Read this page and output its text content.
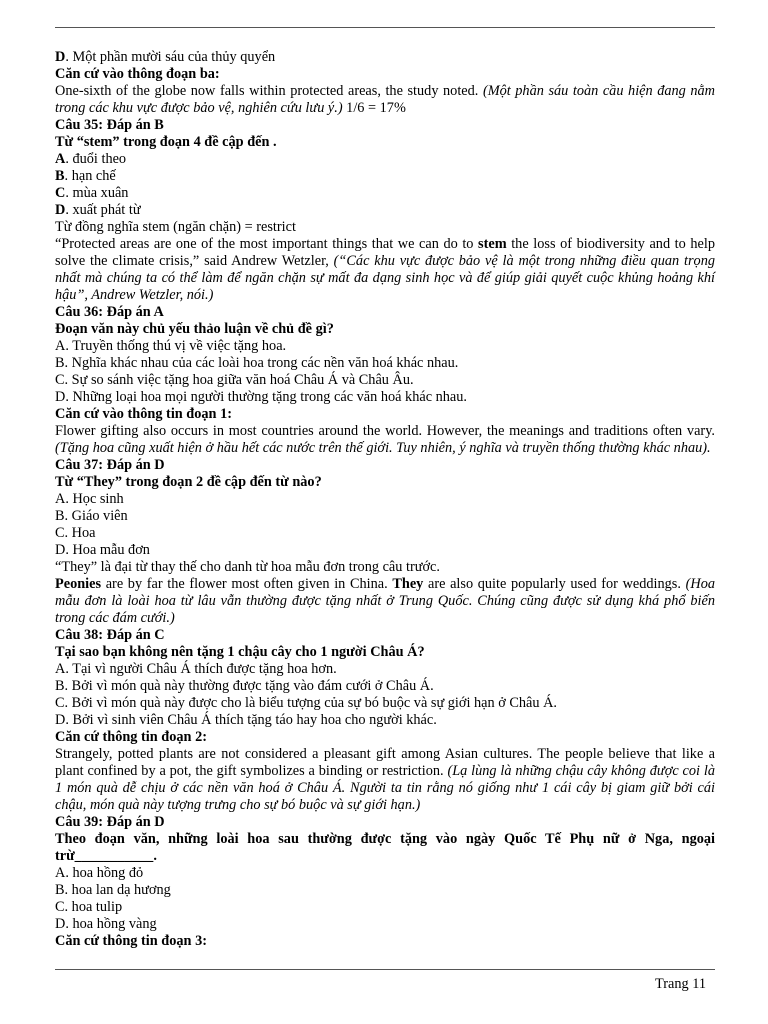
D. Một phần mười sáu của thủy quyển

Căn cứ vào thông đoạn ba:

One-sixth of the globe now falls within protected areas, the study noted. (Một phần sáu toàn cầu hiện đang nằm trong các khu vực được bảo vệ, nghiên cứu lưu ý.) 1/6 = 17%

Câu 35: Đáp án B

Từ “stem” trong đoạn 4 đề cập đến .

A. đuổi theo

B. hạn chế

C. mùa xuân

D. xuất phát từ

Từ đồng nghĩa stem (ngăn chặn) = restrict

“Protected areas are one of the most important things that we can do to stem the loss of biodiversity and to help solve the climate crisis,” said Andrew Wetzler, (“Các khu vực được bảo vệ là một trong những điều quan trọng nhất mà chúng ta có thể làm để ngăn chặn sự mất đa dạng sinh học và để giúp giải quyết cuộc khủng hoảng khí hậu”, Andrew Wetzler, nói.)

Câu 36: Đáp án A

Đoạn văn này chủ yếu thảo luận về chủ đề gì?

A. Truyền thống thú vị về việc tặng hoa.

B. Nghĩa khác nhau của các loài hoa trong các nền văn hoá khác nhau.

C. Sự so sánh việc tặng hoa giữa văn hoá Châu Á và Châu Âu.

D. Những loại hoa mọi người thường tặng trong các văn hoá khác nhau.

Căn cứ vào thông tin đoạn 1:

Flower gifting also occurs in most countries around the world. However, the meanings and traditions often vary. (Tặng hoa cũng xuất hiện ở hầu hết các nước trên thế giới. Tuy nhiên, ý nghĩa và truyền thống thường khác nhau).

Câu 37: Đáp án D

Từ “They” trong đoạn 2 đề cập đến từ nào?

A. Học sinh

B. Giáo viên

C. Hoa

D. Hoa mẫu đơn

“They” là đại từ thay thế cho danh từ hoa mẫu đơn trong câu trước.

Peonies are by far the flower most often given in China. They are also quite popularly used for weddings. (Hoa mẫu đơn là loài hoa từ lâu vẫn thường được tặng nhất ở Trung Quốc. Chúng cũng được sử dụng khá phổ biến trong các đám cưới.)

Câu 38: Đáp án C

Tại sao bạn không nên tặng 1 chậu cây cho 1 người Châu Á?

A. Tại vì người Châu Á thích được tặng hoa hơn.

B. Bởi vì món quà này thường được tặng vào đám cưới ở Châu Á.

C. Bởi vì món quà này được cho là biểu tượng của sự bó buộc và sự giới hạn ở Châu Á.

D. Bởi vì sinh viên Châu Á thích tặng táo hay hoa cho người khác.

Căn cứ thông tin đoạn 2:

Strangely, potted plants are not considered a pleasant gift among Asian cultures. The people believe that like a plant confined by a pot, the gift symbolizes a binding or restriction. (Lạ lùng là những chậu cây không được coi là 1 món quà dễ chịu ở các nền văn hoá ở Châu Á. Người ta tin rằng nó giống như 1 cái cây bị giam giữ bởi cái chậu, món quà này tượng trưng cho sự bó buộc và sự giới hạn.)

Câu 39: Đáp án D

Theo đoạn văn, những loài hoa sau thường được tặng vào ngày Quốc Tế Phụ nữ ở Nga, ngoại trừ___________.

A. hoa hồng đỏ

B. hoa lan dạ hương

C. hoa tulip

D. hoa hồng vàng

Căn cứ thông tin đoạn 3:

Trang 11
